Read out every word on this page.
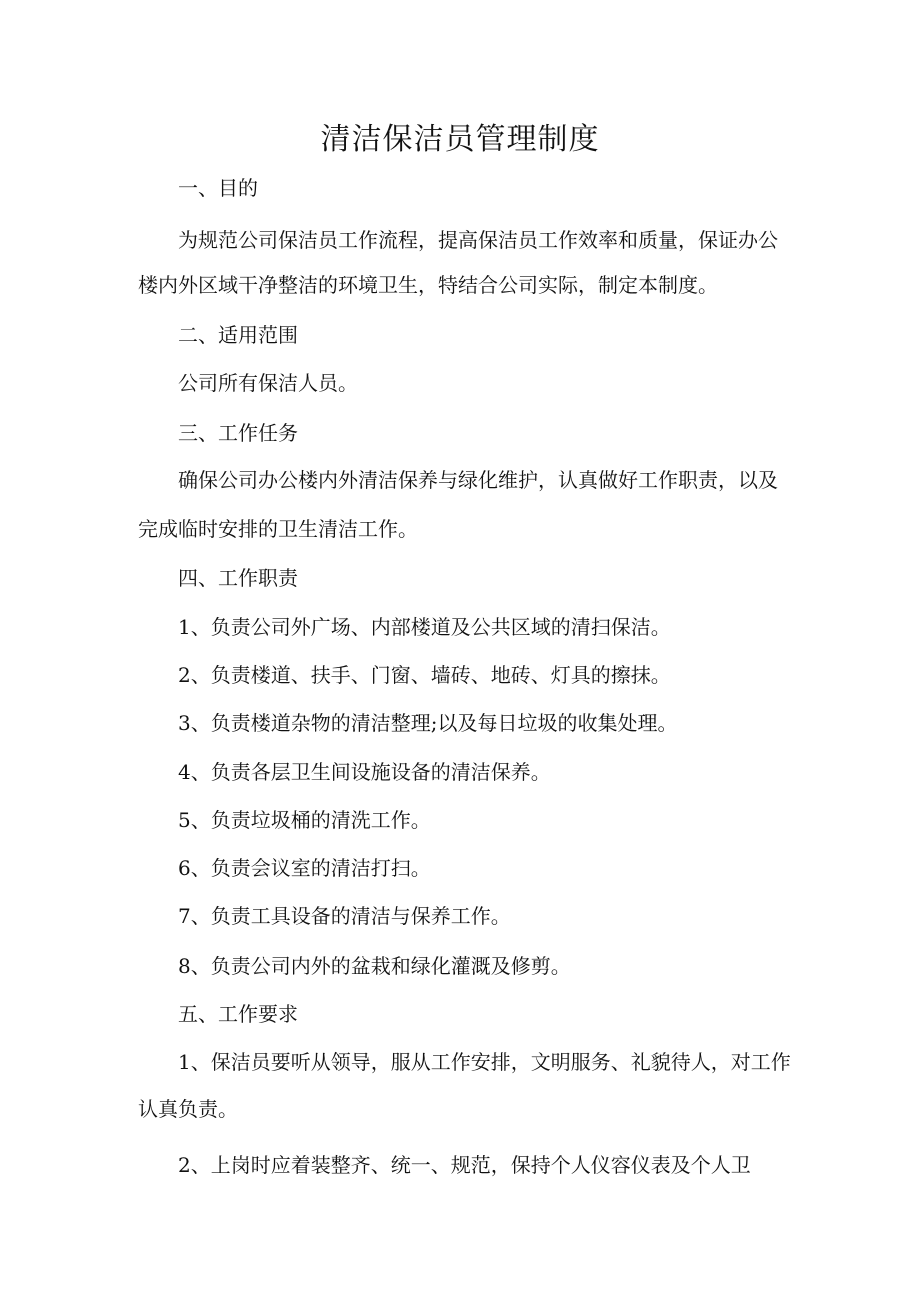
清洁保洁员管理制度

一、目的

为规范公司保洁员工作流程，提高保洁员工作效率和质量，保证办公

楼内外区域干净整洁的环境卫生，特结合公司实际，制定本制度。

二、适用范围

公司所有保洁人员。

三、工作任务

确保公司办公楼内外清洁保养与绿化维护，认真做好工作职责，以及

完成临时安排的卫生清洁工作。

四、工作职责

1、负责公司外广场、内部楼道及公共区域的清扫保洁。

2、负责楼道、扶手、门窗、墙砖、地砖、灯具的擦抹。

3、负责楼道杂物的清洁整理;以及每日垃圾的收集处理。

4、负责各层卫生间设施设备的清洁保养。

5、负责垃圾桶的清洗工作。

6、负责会议室的清洁打扫。

7、负责工具设备的清洁与保养工作。

8、负责公司内外的盆栽和绿化灌溉及修剪。

五、工作要求

1、保洁员要听从领导，服从工作安排，文明服务、礼貌待人，对工作

认真负责。

2、上岗时应着装整齐、统一、规范，保持个人仪容仪表及个人卫
